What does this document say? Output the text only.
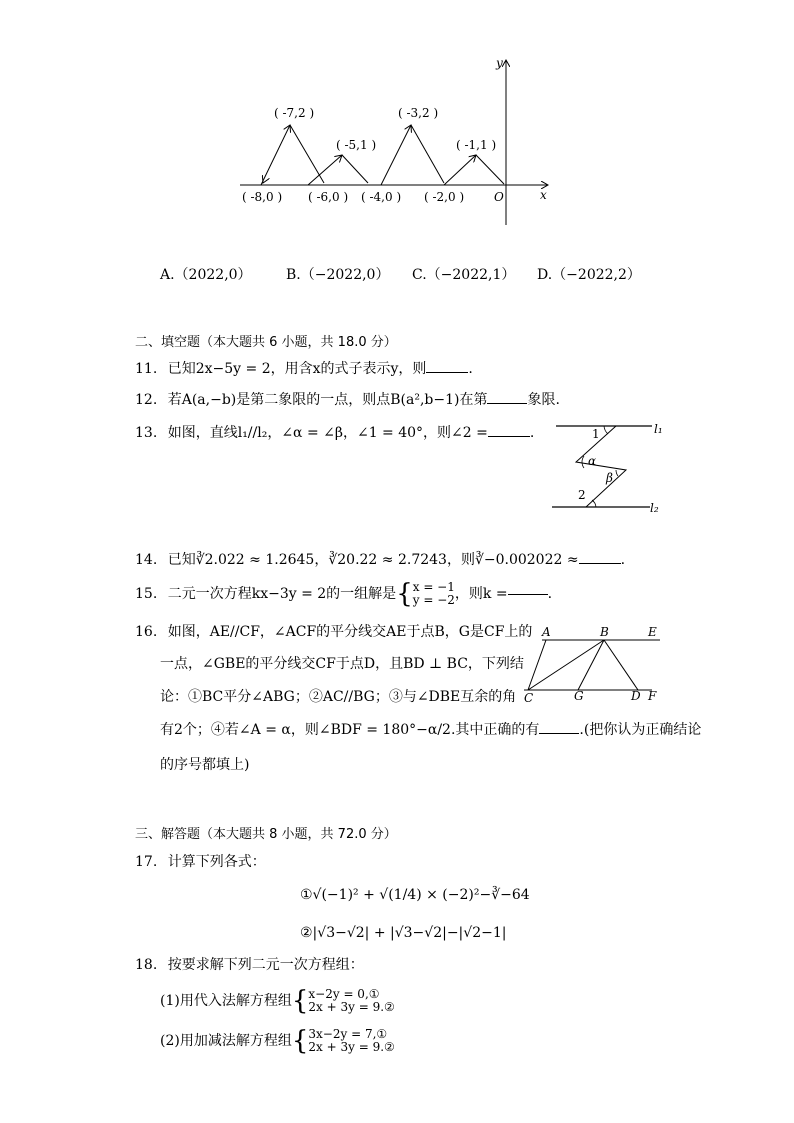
( -8,0 )
( -7,2 )
( -6,0 )
( -5,1 )
( -4,0 )
( -3,2 )
( -2,0 )
( -1,1 )
O	x
y
A.（2022,0） B.（−2022,0） C.（−2022,1） D.（−2022,2）
二、填空题（本大题共 6 小题，共 18.0 分）
11. 已知2x−5y = 2，用含x的式子表示y，则	.
12. 若A(a,−b)是第二象限的一点，则点B(a²,b−1)在第	象限.
13. 如图，直线l₁//l₂，∠α = ∠β，∠1 = 40°，则∠2 =	.	l₁
l₂
1
2
α
β
14. 已知∛2.022 ≈ 1.2645，∛20.22 ≈ 2.7243，则∛−0.002022 ≈	.
15. 二元一次方程kx−3y = 2的一组解是{x = −1
y = −2，则k =	.
16. 如图，AE//CF，∠ACF的平分线交AE于点B，G是CF上的
一点，∠GBE的平分线交CF于点D，且BD ⊥ BC，下列结
论：①BC平分∠ABG；②AC//BG；③与∠DBE互余的角
有2个；④若∠A = α，则∠BDF = 180°−α/2.其中正确的有	.(把你认为正确结论
的序号都填上)
A	B	E
C	G	D F
三、解答题（本大题共 8 小题，共 72.0 分）
17. 计算下列各式：
①√(−1)² + √(1/4) × (−2)²−∛−64
②|√3−√2| + |√3−√2|−|√2−1|
18. 按要求解下列二元一次方程组：
(1)用代入法解方程组{x−2y = 0,①
2x + 3y = 9.②
(2)用加减法解方程组{3x−2y = 7,①
2x + 3y = 9.②
